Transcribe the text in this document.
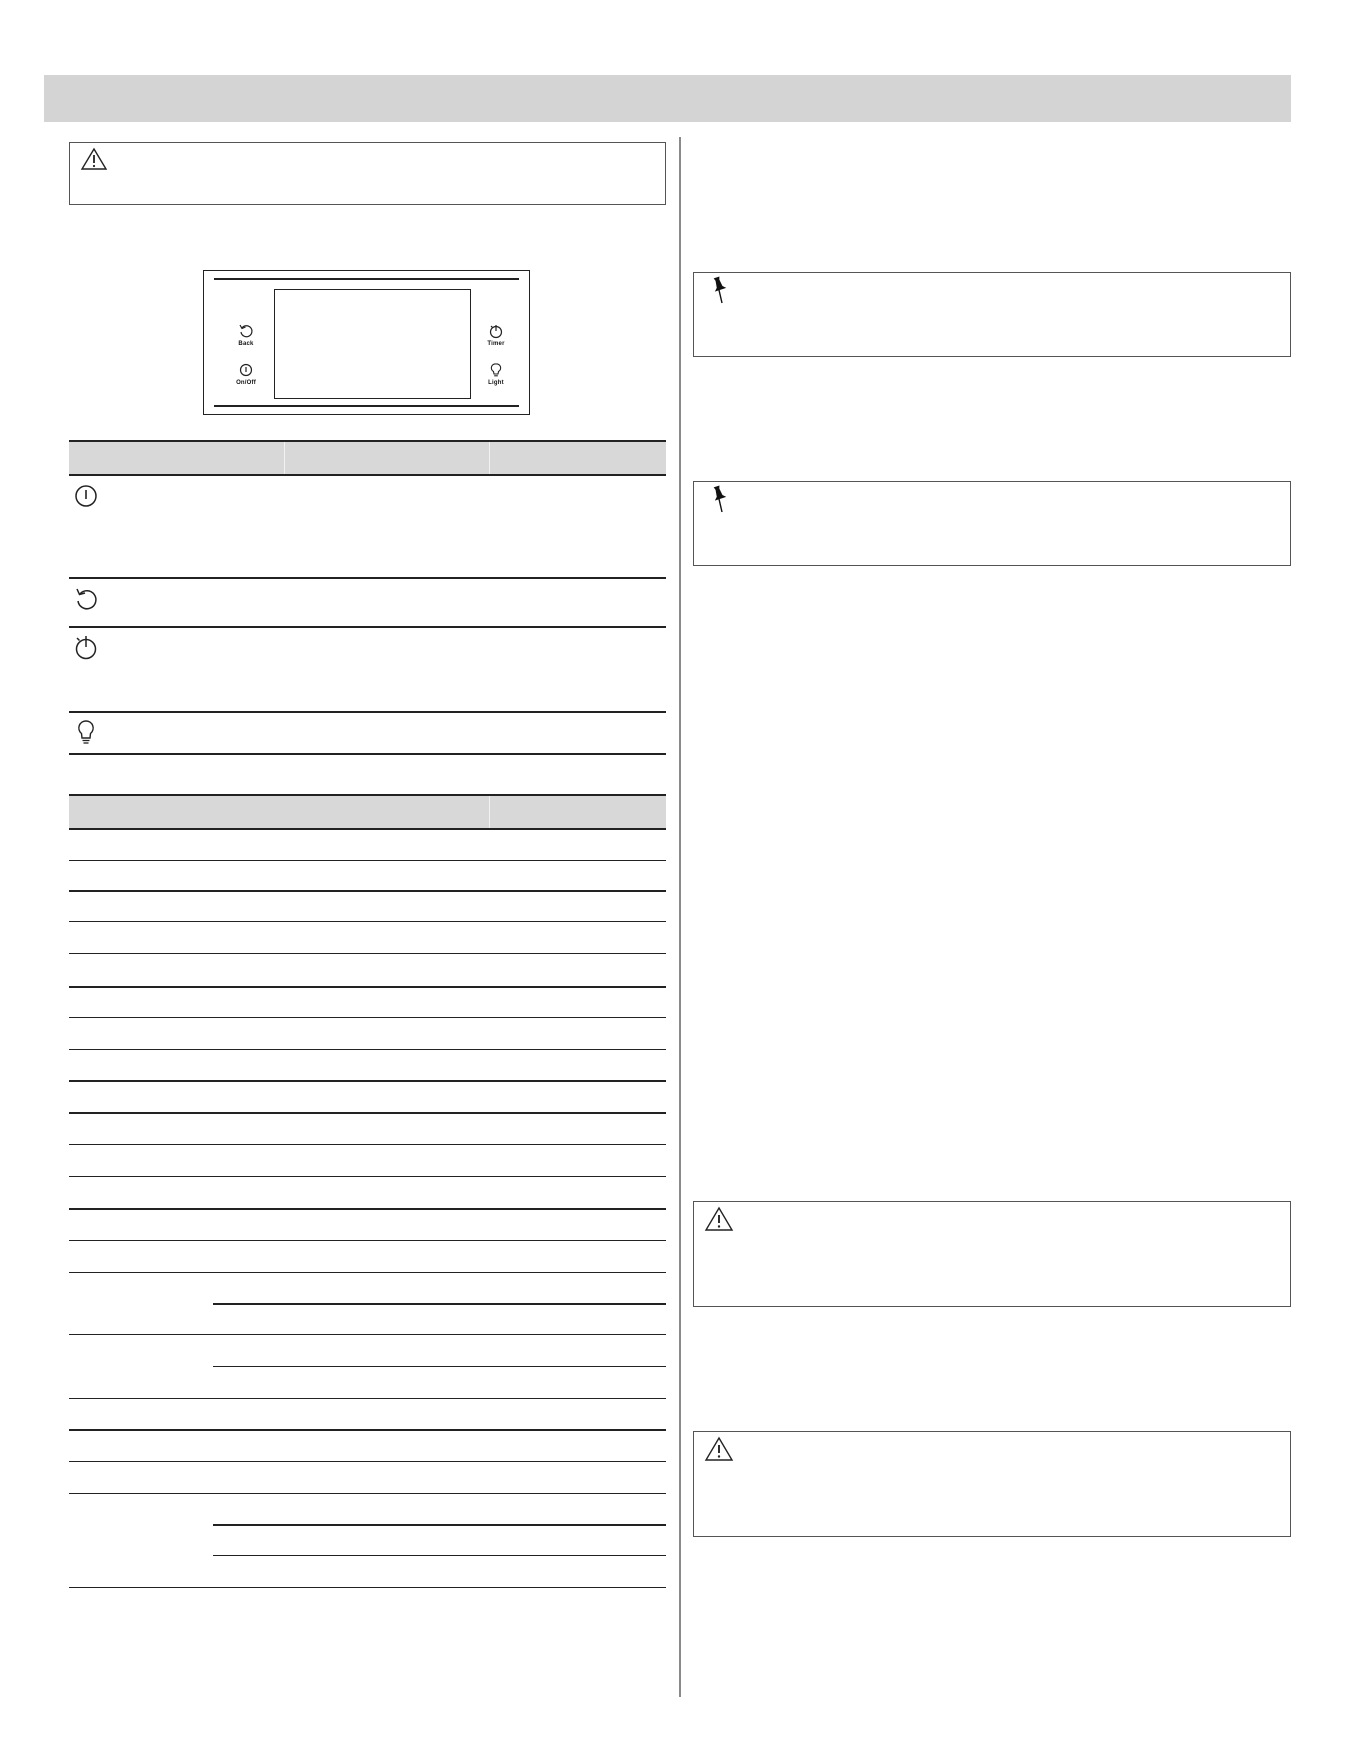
Back
On/Off
Timer
Light
